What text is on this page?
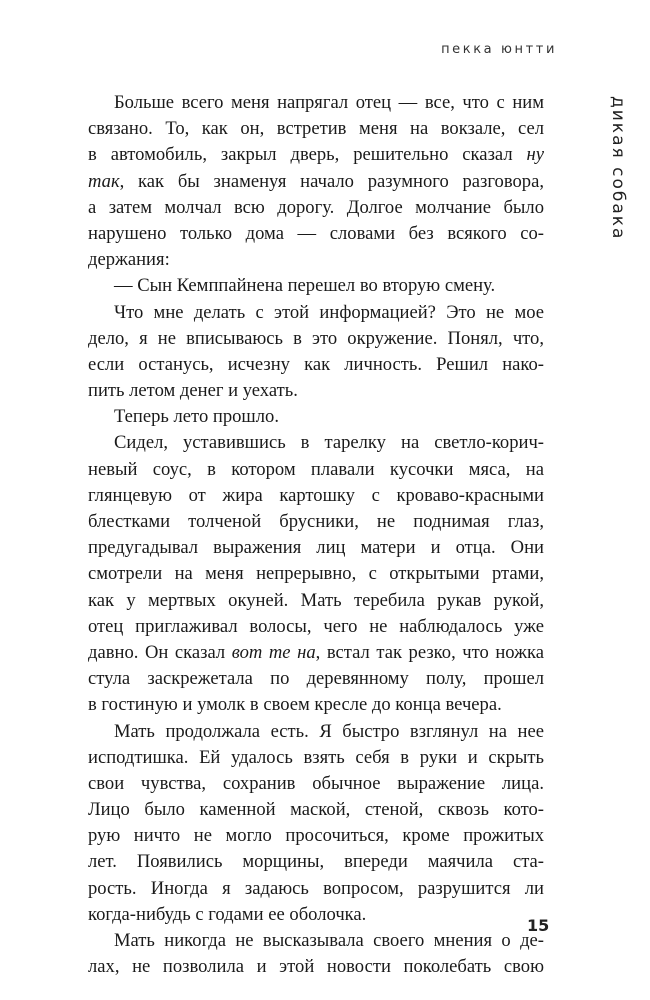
пекка юнтти
дикая собака
Больше всего меня напрягал отец — все, что с ним
связано. То, как он, встретив меня на вокзале, сел
в автомобиль, закрыл дверь, решительно сказал ну
так, как бы знаменуя начало разумного разговора,
а затем молчал всю дорогу. Долгое молчание было
нарушено только дома — словами без всякого со-
держания:
— Сын Кемппайнена перешел во вторую смену.
Что мне делать с этой информацией? Это не мое
дело, я не вписываюсь в это окружение. Понял, что,
если останусь, исчезну как личность. Решил нако-
пить летом денег и уехать.
Теперь лето прошло.
Сидел, уставившись в тарелку на светло-корич-
невый соус, в котором плавали кусочки мяса, на
глянцевую от жира картошку с кроваво-красными
блестками толченой брусники, не поднимая глаз,
предугадывал выражения лиц матери и отца. Они
смотрели на меня непрерывно, с открытыми ртами,
как у мертвых окуней. Мать теребила рукав рукой,
отец приглаживал волосы, чего не наблюдалось уже
давно. Он сказал вот те на, встал так резко, что ножка
стула заскрежетала по деревянному полу, прошел
в гостиную и умолк в своем кресле до конца вечера.
Мать продолжала есть. Я быстро взглянул на нее
исподтишка. Ей удалось взять себя в руки и скрыть
свои чувства, сохранив обычное выражение лица.
Лицо было каменной маской, стеной, сквозь кото-
рую ничто не могло просочиться, кроме прожитых
лет. Появились морщины, впереди маячила ста-
рость. Иногда я задаюсь вопросом, разрушится ли
когда-нибудь с годами ее оболочка.
Мать никогда не высказывала своего мнения о де-
лах, не позволила и этой новости поколебать свою
15
